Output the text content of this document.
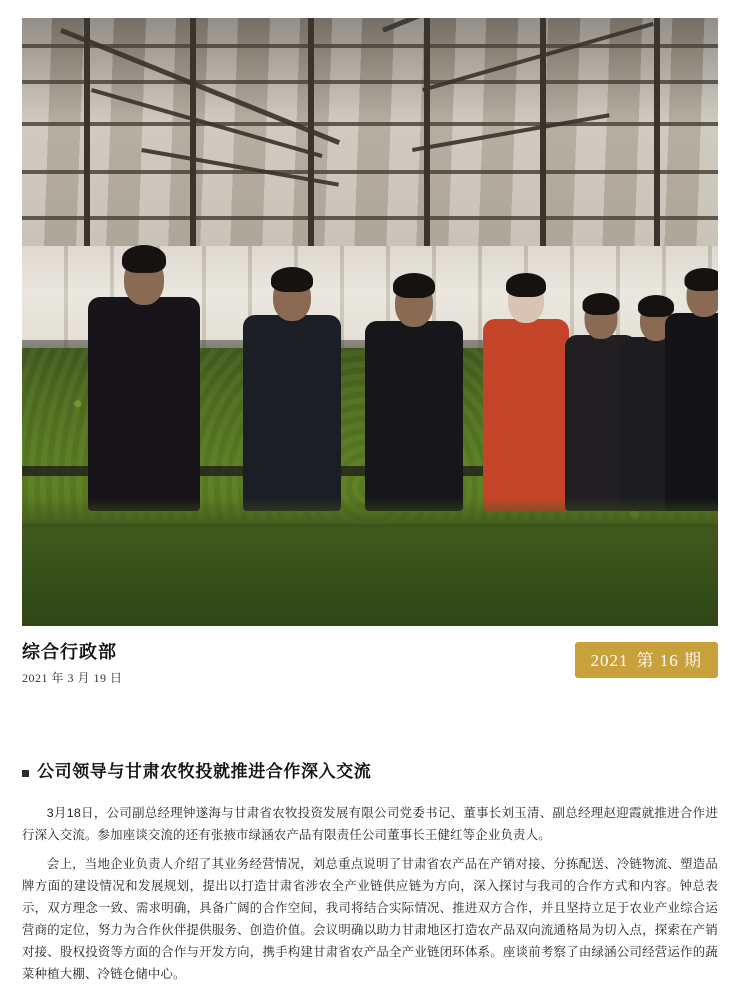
综合行政部
2021 年 3 月 19 日
2021 第 16 期
公司领导与甘肃农牧投就推进合作深入交流

3月18日，公司副总经理钟遂海与甘肃省农牧投资发展有限公司党委书记、董事长刘玉清、副总经理赵迎霞就推进合作进行深入交流。参加座谈交流的还有张掖市绿涵农产品有限责任公司董事长王健红等企业负责人。

会上，当地企业负责人介绍了其业务经营情况，刘总重点说明了甘肃省农产品在产销对接、分拣配送、冷链物流、塑造品牌方面的建设情况和发展规划，提出以打造甘肃省涉农全产业链供应链为方向，深入探讨与我司的合作方式和内容。钟总表示，双方理念一致、需求明确，具备广阔的合作空间，我司将结合实际情况、推进双方合作，并且坚持立足于农业产业综合运营商的定位，努力为合作伙伴提供服务、创造价值。会议明确以助力甘肃地区打造农产品双向流通格局为切入点，探索在产销对接、股权投资等方面的合作与开发方向，携手构建甘肃省农产品全产业链闭环体系。座谈前考察了由绿涵公司经营运作的蔬菜种植大棚、冷链仓储中心。
